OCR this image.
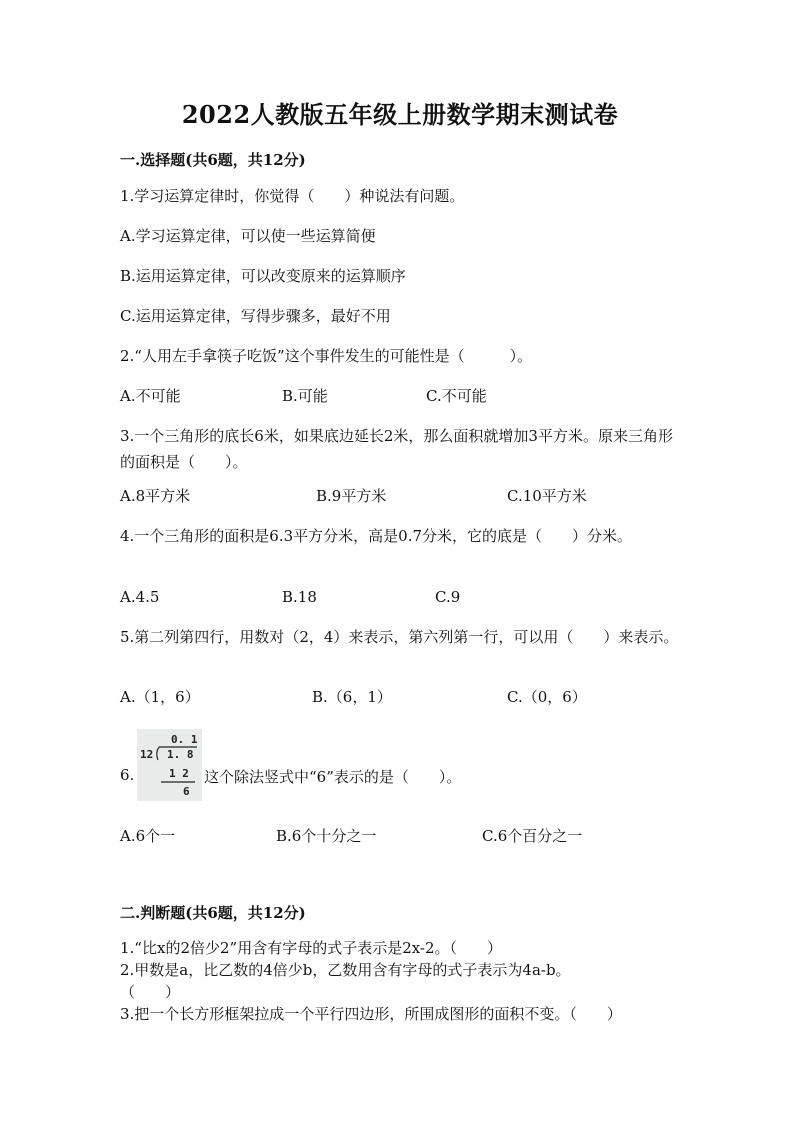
2022人教版五年级上册数学期末测试卷
一.选择题(共6题，共12分)
1.学习运算定律时，你觉得（　　）种说法有问题。
A.学习运算定律，可以使一些运算简便
B.运用运算定律，可以改变原来的运算顺序
C.运用运算定律，写得步骤多，最好不用
2.“人用左手拿筷子吃饭”这个事件发生的可能性是（　　　）。
A.不可能	B.可能	C.不可能
3.一个三角形的底长6米，如果底边延长2米，那么面积就增加3平方米。原来三角形的面积是（　　）。
A.8平方米	B.9平方米	C.10平方米
4.一个三角形的面积是6.3平方分米，高是0.7分米，它的底是（　　）分米。
A.4.5	B.18	C.9
5.第二列第四行，用数对（2，4）来表示，第六列第一行，可以用（　　）来表示。
A.（1，6）	B.（6，1）	C.（0，6）
6.	这个除法竖式中“6”表示的是（　　）。
0. 1
12 1. 8
1 2
6
A.6个一	B.6个十分之一	C.6个百分之一
二.判断题(共6题，共12分)
1.“比x的2倍少2”用含有字母的式子表示是2x-2。（　　）
2.甲数是a，比乙数的4倍少b，乙数用含有字母的式子表示为4a-b。
（　　）
3.把一个长方形框架拉成一个平行四边形，所围成图形的面积不变。（　　）
